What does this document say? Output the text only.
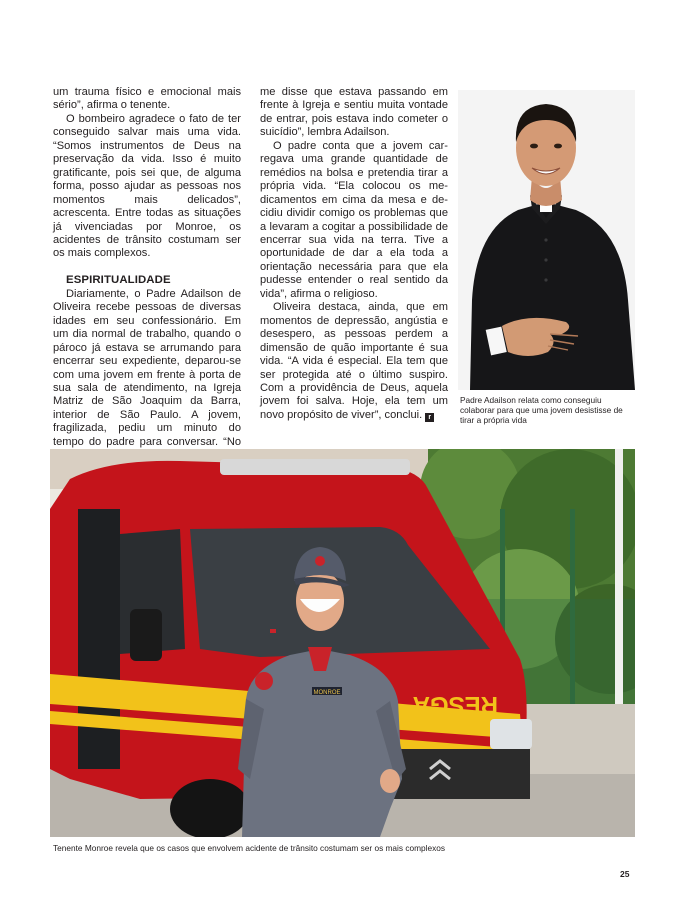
um trauma físico e emocional mais sério”, afirma o tenente.

O bombeiro agradece o fato de ter conseguido salvar mais uma vida. “Somos instrumentos de Deus na preservação da vida. Isso é muito gratificante, pois sei que, de alguma forma, posso ajudar as pessoas nos momentos mais delicados”, acrescenta. Entre todas as situações já vivenciadas por Monroe, os acidentes de trânsito costumam ser os mais complexos.

ESPIRITUALIDADE

Diariamente, o Padre Adailson de Oliveira recebe pessoas de diversas idades em seu confessionário. Em um dia normal de trabalho, quando o pároco já estava se arrumando para encerrar seu expediente, deparou-se com uma jovem em frente à porta de sua sala de atendimento, na Igreja Matriz de São Joaquim da Barra, interior de São Paulo. A jovem, fragilizada, pediu um minuto do tempo do padre para conversar. “No

me disse que estava passando em frente à Igreja e sentiu muita vontade de entrar, pois estava indo cometer o suicídio”, lembra Adailson.

O padre conta que a jovem carregava uma grande quantidade de remédios na bolsa e pretendia tirar a própria vida. “Ela colocou os medicamentos em cima da mesa e decidiu dividir comigo os problemas que a levaram a cogitar a possibilidade de encerrar sua vida na terra. Tive a oportunidade de dar a ela toda a orientação necessária para que ela pudesse entender o real sentido da vida”, afirma o religioso.

Oliveira destaca, ainda, que em momentos de depressão, angústia e desespero, as pessoas perdem a dimensão de quão importante é sua vida. “A vida é especial. Ela tem que ser protegida até o último suspiro. Com a providência de Deus, aquela jovem foi salva. Hoje, ela tem um novo propósito de viver”, conclui. r

Padre Adailson relata como conseguiu colaborar para que uma jovem desistisse de tirar a própria vida
RESGA
MONROE
Tenente Monroe revela que os casos que envolvem acidente de trânsito costumam ser os mais complexos
25
